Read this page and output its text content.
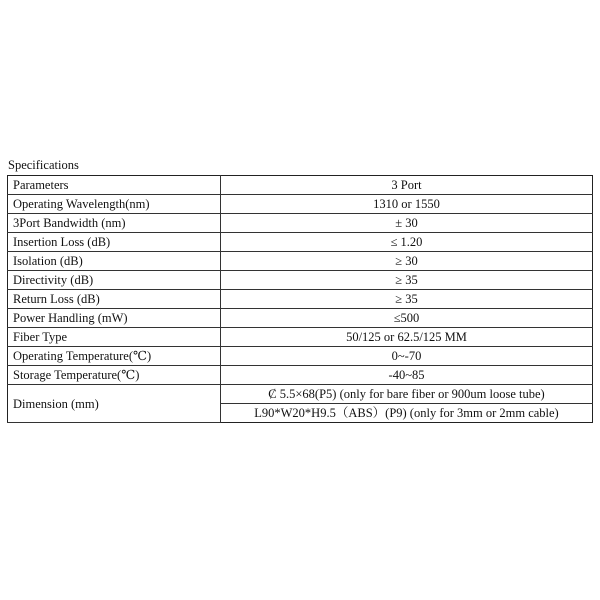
Specifications
Parameters	3 Port
Operating Wavelength(nm)	1310 or 1550
3Port Bandwidth (nm)	± 30
Insertion Loss (dB)	≤ 1.20
Isolation (dB)	≥ 30
Directivity (dB)	≥ 35
Return Loss (dB)	≥ 35
Power Handling (mW)	≤500
Fiber Type	50/125 or 62.5/125 MM
Operating Temperature(℃)	0~-70
Storage Temperature(℃)	-40~85
Dimension (mm)	Ȼ 5.5×68(P5) (only for bare fiber or 900um loose tube)
	L90*W20*H9.5（ABS）(P9) (only for 3mm or 2mm cable)
